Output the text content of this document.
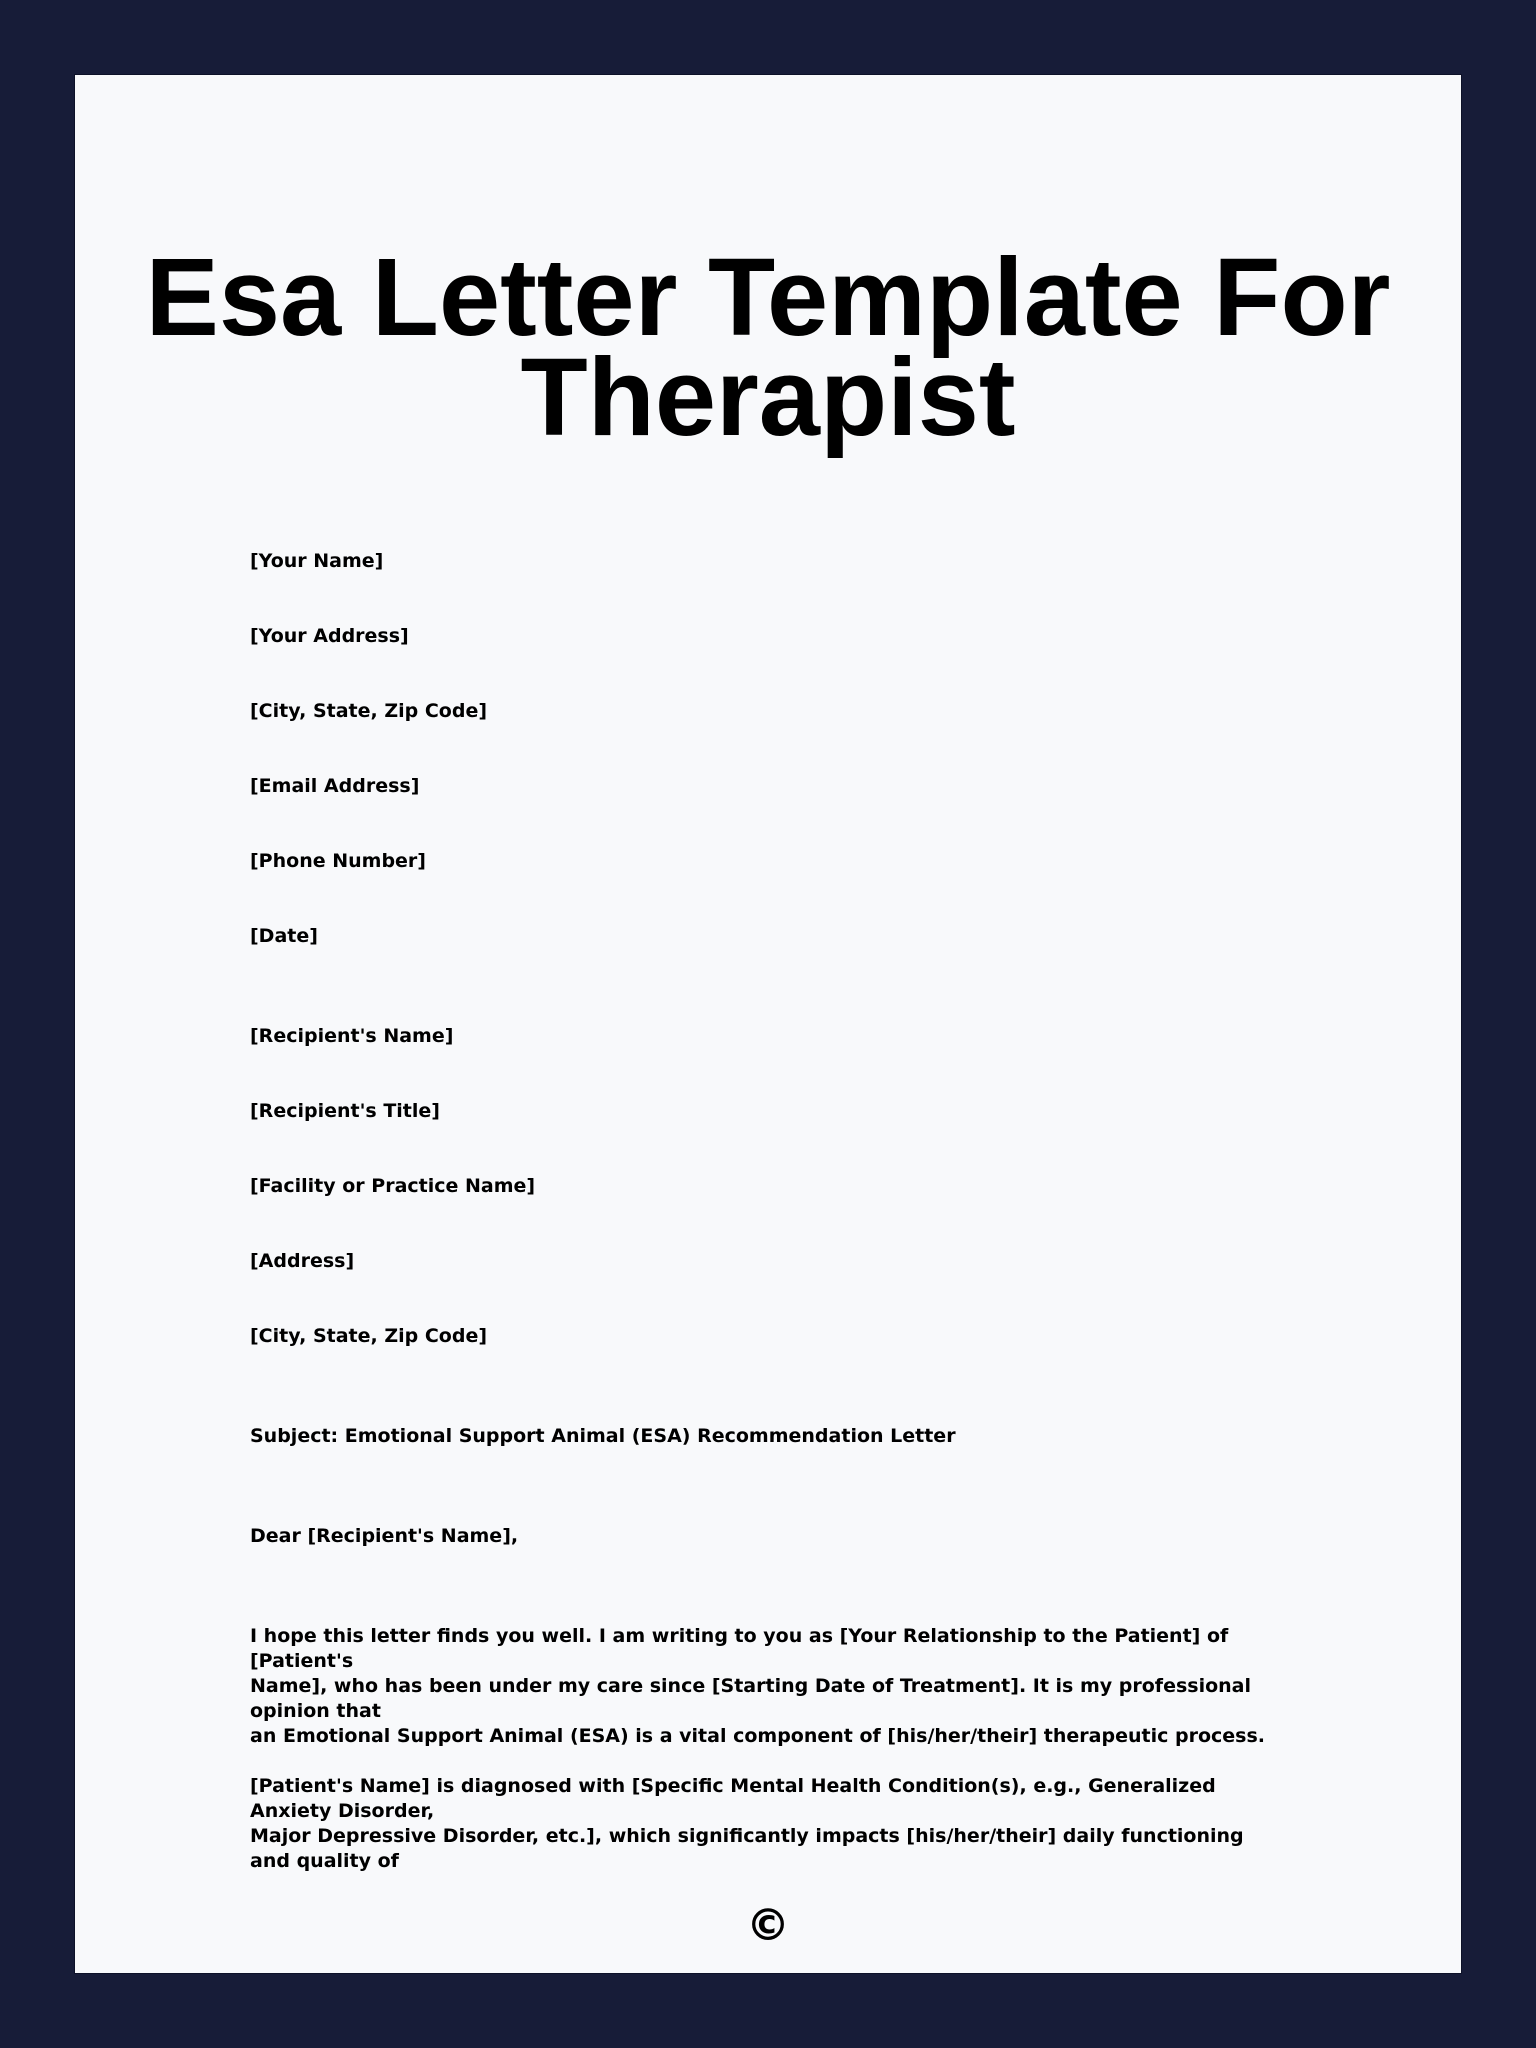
Esa Letter Template For Therapist

[Your Name]

[Your Address]

[City, State, Zip Code]

[Email Address]

[Phone Number]

[Date]

[Recipient's Name]

[Recipient's Title]

[Facility or Practice Name]

[Address]

[City, State, Zip Code]

Subject: Emotional Support Animal (ESA) Recommendation Letter

Dear [Recipient's Name],

I hope this letter finds you well. I am writing to you as [Your Relationship to the Patient] of [Patient's
Name], who has been under my care since [Starting Date of Treatment]. It is my professional opinion that
an Emotional Support Animal (ESA) is a vital component of [his/her/their] therapeutic process.
[Patient's Name] is diagnosed with [Specific Mental Health Condition(s), e.g., Generalized Anxiety Disorder,
Major Depressive Disorder, etc.], which significantly impacts [his/her/their] daily functioning and quality of
©
